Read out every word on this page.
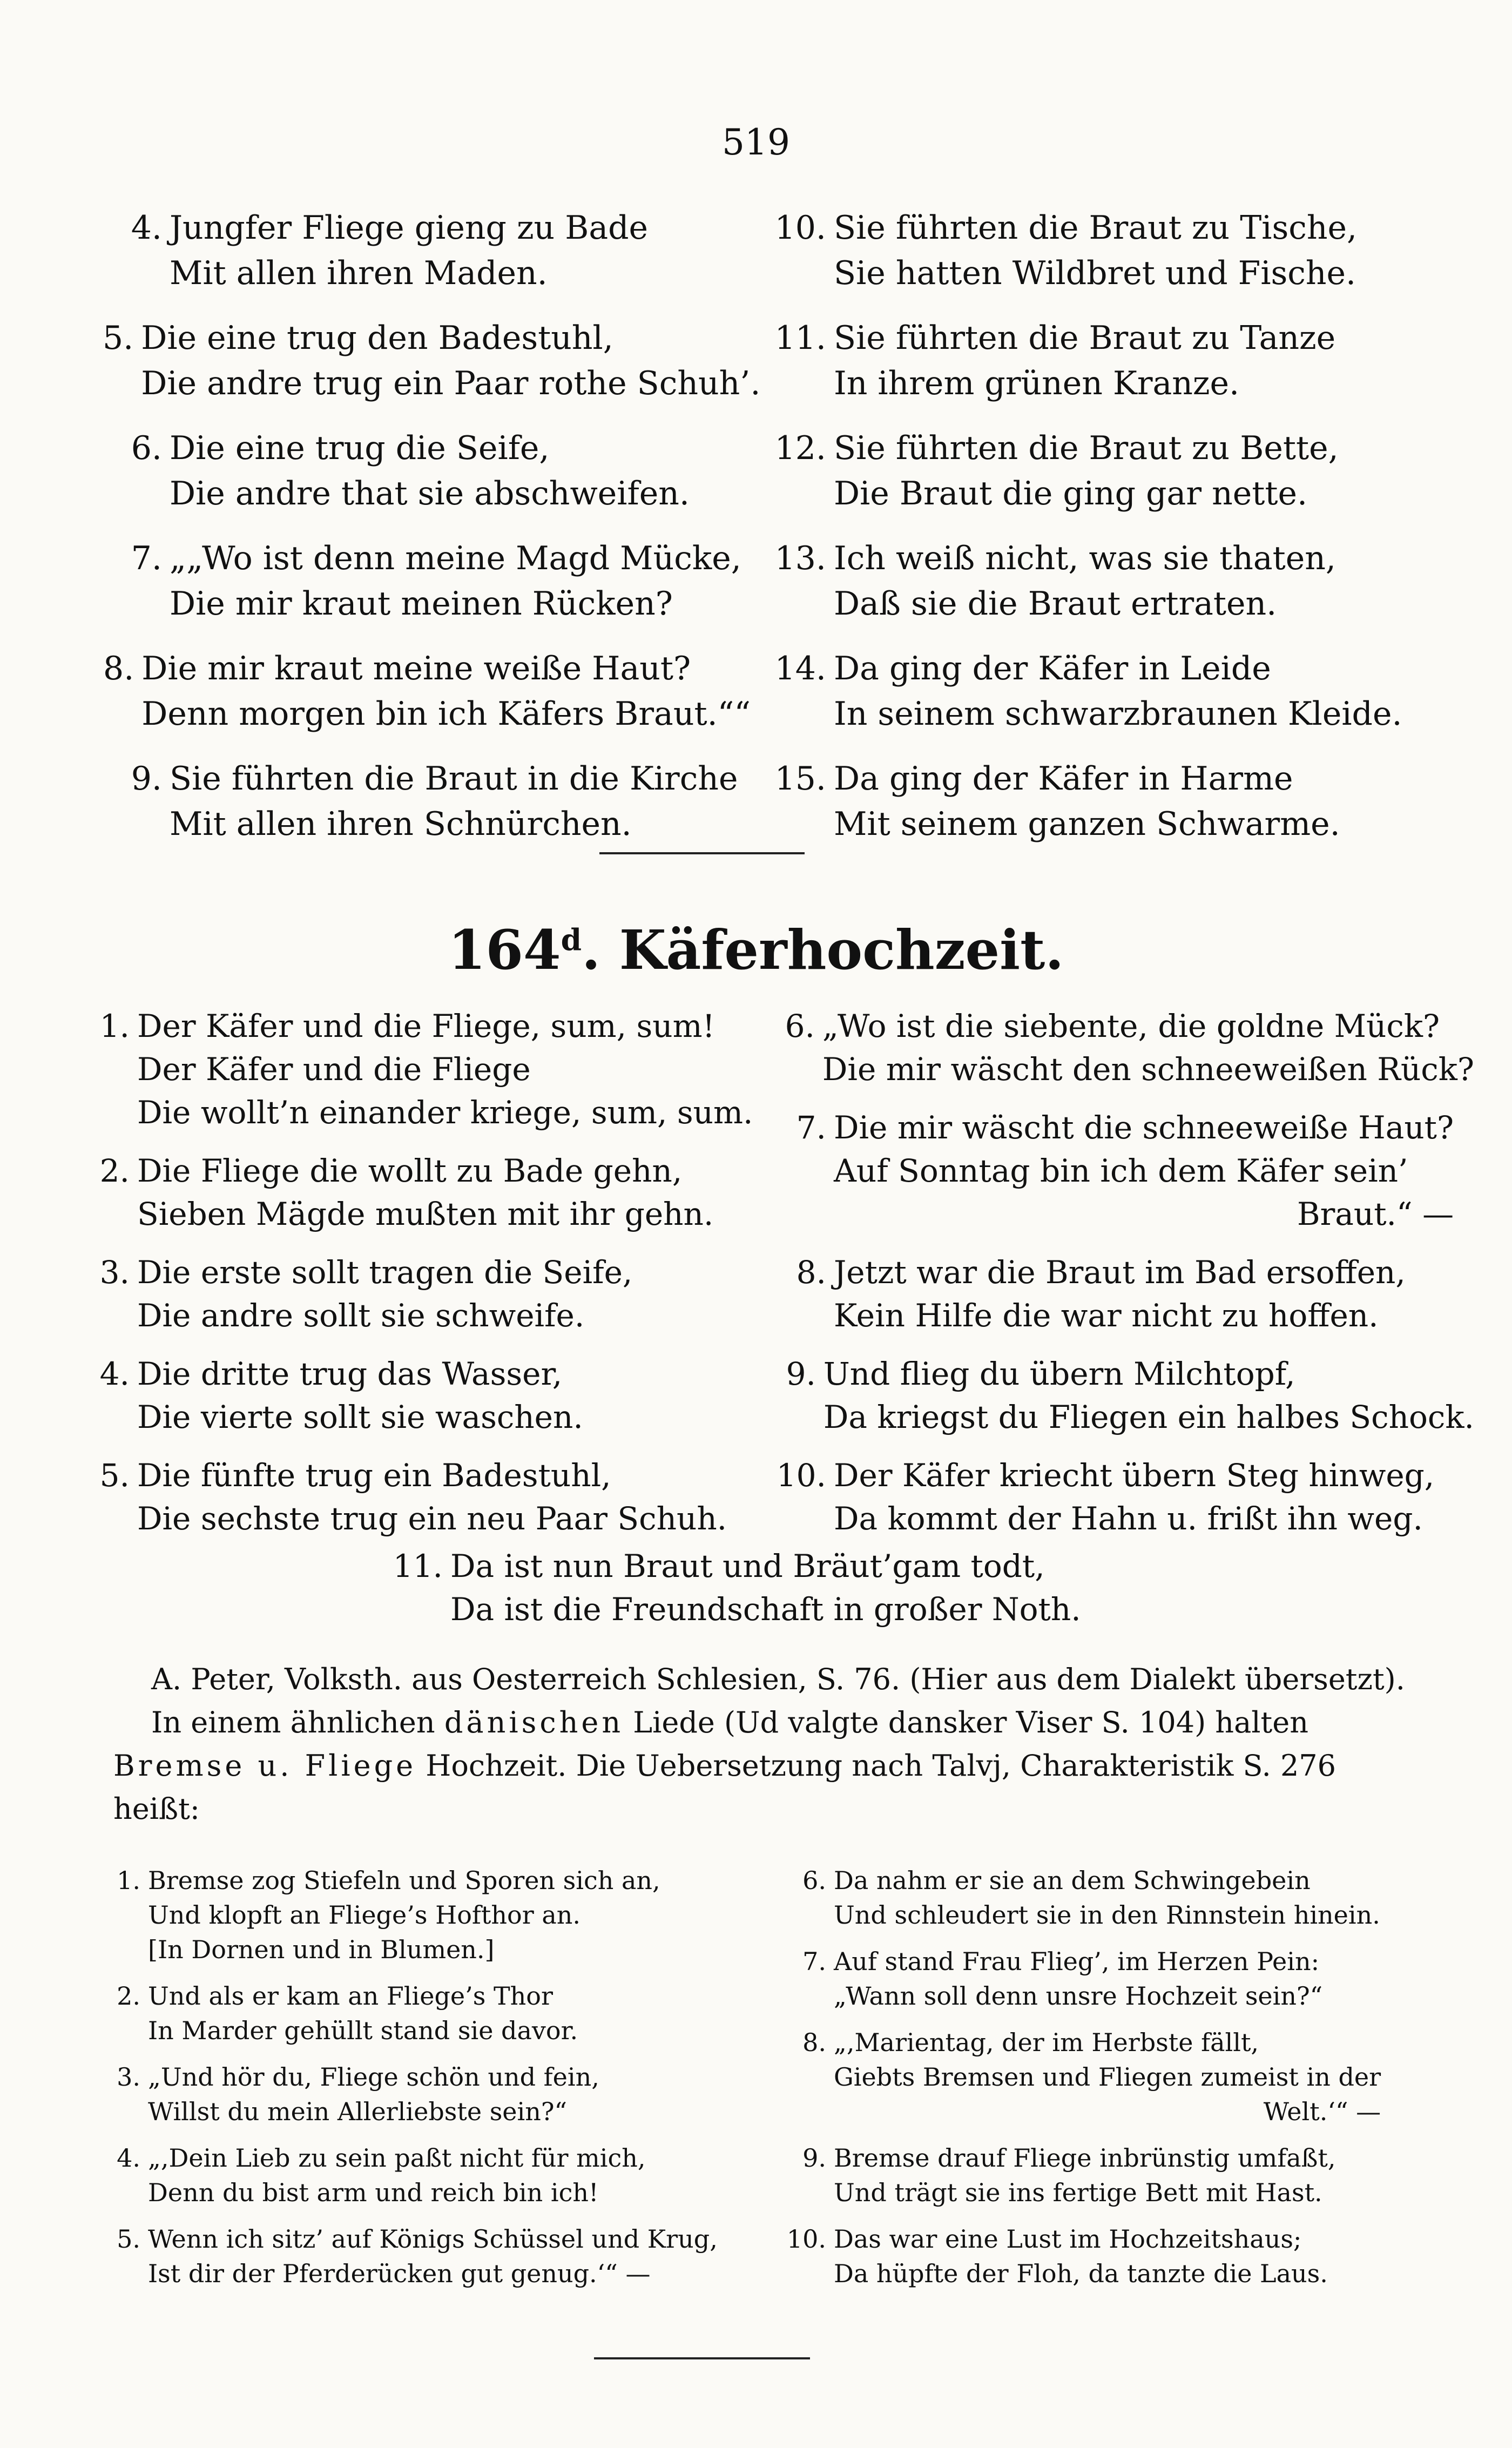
519
4. Jungfer Fliege gieng zu Bade
Mit allen ihren Maden.
5. Die eine trug den Badestuhl,
Die andre trug ein Paar rothe Schuh’.
6. Die eine trug die Seife,
Die andre that sie abschweifen.
7. „„Wo ist denn meine Magd Mücke,
Die mir kraut meinen Rücken?
8. Die mir kraut meine weiße Haut?
Denn morgen bin ich Käfers Braut.““
9. Sie führten die Braut in die Kirche
Mit allen ihren Schnürchen.
10. Sie führten die Braut zu Tische,
Sie hatten Wildbret und Fische.
11. Sie führten die Braut zu Tanze
In ihrem grünen Kranze.
12. Sie führten die Braut zu Bette,
Die Braut die ging gar nette.
13. Ich weiß nicht, was sie thaten,
Daß sie die Braut ertraten.
14. Da ging der Käfer in Leide
In seinem schwarzbraunen Kleide.
15. Da ging der Käfer in Harme
Mit seinem ganzen Schwarme.
164$^d$. Käferhochzeit.
1. Der Käfer und die Fliege, sum, sum!
Der Käfer und die Fliege
Die wollt’n einander kriege, sum, sum.
2. Die Fliege die wollt zu Bade gehn,
Sieben Mägde mußten mit ihr gehn.
3. Die erste sollt tragen die Seife,
Die andre sollt sie schweife.
4. Die dritte trug das Wasser,
Die vierte sollt sie waschen.
5. Die fünfte trug ein Badestuhl,
Die sechste trug ein neu Paar Schuh.
6. „Wo ist die siebente, die goldne Mück?
Die mir wäscht den schneeweißen Rück?
7. Die mir wäscht die schneeweiße Haut?
Auf Sonntag bin ich dem Käfer sein’
Braut.“ —
8. Jetzt war die Braut im Bad ersoffen,
Kein Hilfe die war nicht zu hoffen.
9. Und flieg du übern Milchtopf,
Da kriegst du Fliegen ein halbes Schock.
10. Der Käfer kriecht übern Steg hinweg,
Da kommt der Hahn u. frißt ihn weg.
11. Da ist nun Braut und Bräut’gam todt,
Da ist die Freundschaft in großer Noth.

A. Peter, Volksth. aus Oesterreich Schlesien, S. 76. (Hier aus dem Dialekt übersetzt).

In einem ähnlichen dänischen Liede (Ud valgte dansker Viser S. 104) halten Bremse u. Fliege Hochzeit. Die Uebersetzung nach Talvj, Charakteristik S. 276 heißt:

1. Bremse zog Stiefeln und Sporen sich an,
Und klopft an Fliege’s Hofthor an.
[In Dornen und in Blumen.]
2. Und als er kam an Fliege’s Thor
In Marder gehüllt stand sie davor.
3. „Und hör du, Fliege schön und fein,
Willst du mein Allerliebste sein?“
4. „,Dein Lieb zu sein paßt nicht für mich,
Denn du bist arm und reich bin ich!
5. Wenn ich sitz’ auf Königs Schüssel und Krug,
Ist dir der Pferderücken gut genug.‘“ —
6. Da nahm er sie an dem Schwingebein
Und schleudert sie in den Rinnstein hinein.
7. Auf stand Frau Flieg’, im Herzen Pein:
„Wann soll denn unsre Hochzeit sein?“
8. „,Marientag, der im Herbste fällt,
Giebts Bremsen und Fliegen zumeist in der
Welt.‘“ —
9. Bremse drauf Fliege inbrünstig umfaßt,
Und trägt sie ins fertige Bett mit Hast.
10. Das war eine Lust im Hochzeitshaus;
Da hüpfte der Floh, da tanzte die Laus.
